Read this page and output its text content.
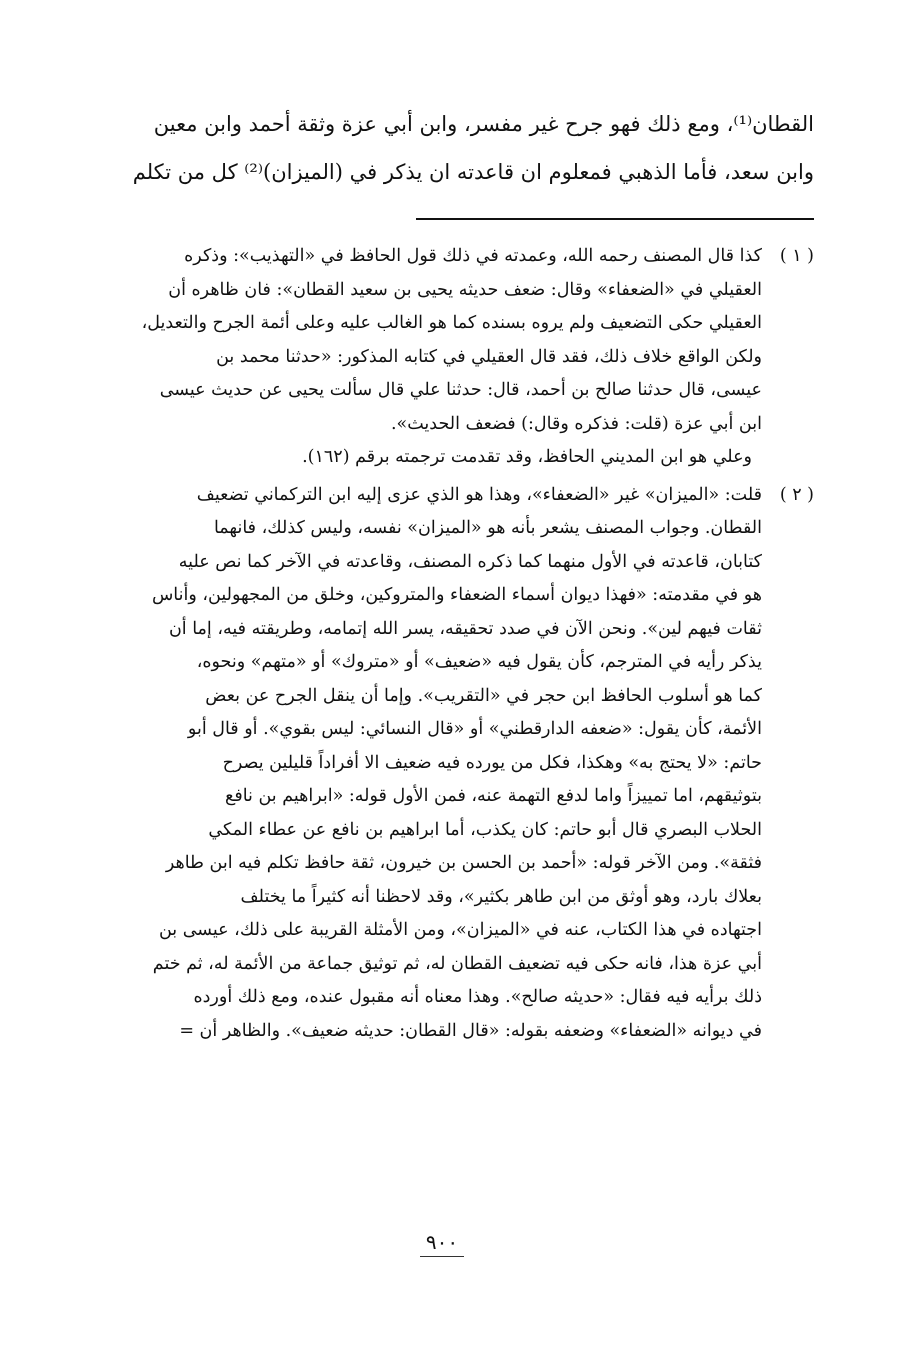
القطان⁽¹⁾، ومع ذلك فهو جرح غير مفسر، وابن أبي عزة وثقة أحمد وابن معين
وابن سعد، فأما الذهبي فمعلوم ان قاعدته ان يذكر في (الميزان)⁽²⁾ كل من تكلم
( ١ )
كذا قال المصنف رحمه الله، وعمدته في ذلك قول الحافظ في «التهذيب»: وذكره
العقيلي في «الضعفاء» وقال: ضعف حديثه يحيى بن سعيد القطان»: فان ظاهره أن
العقيلي حكى التضعيف ولم يروه بسنده كما هو الغالب عليه وعلى أئمة الجرح والتعديل،
ولكن الواقع خلاف ذلك، فقد قال العقيلي في كتابه المذكور: «حدثنا محمد بن
عيسى، قال حدثنا صالح بن أحمد، قال: حدثنا علي قال سألت يحيى عن حديث عيسى
ابن أبي عزة (قلت: فذكره وقال:) فضعف الحديث».
وعلي هو ابن المديني الحافظ، وقد تقدمت ترجمته برقم (١٦٢).
( ٢ )
قلت: «الميزان» غير «الضعفاء»، وهذا هو الذي عزى إليه ابن التركماني تضعيف
القطان. وجواب المصنف يشعر بأنه هو «الميزان» نفسه، وليس كذلك، فانهما
كتابان، قاعدته في الأول منهما كما ذكره المصنف، وقاعدته في الآخر كما نص عليه
هو في مقدمته: «فهذا ديوان أسماء الضعفاء والمتروكين، وخلق من المجهولين، وأناس
ثقات فيهم لين». ونحن الآن في صدد تحقيقه، يسر الله إتمامه، وطريقته فيه، إما أن
يذكر رأيه في المترجم، كأن يقول فيه «ضعيف» أو «متروك» أو «متهم» ونحوه،
كما هو أسلوب الحافظ ابن حجر في «التقريب». وإما أن ينقل الجرح عن بعض
الأئمة، كأن يقول: «ضعفه الدارقطني» أو «قال النسائي: ليس بقوي». أو قال أبو
حاتم: «لا يحتج به» وهكذا، فكل من يورده فيه ضعيف الا أفراداً قليلين يصرح
بتوثيقهم، اما تمييزاً واما لدفع التهمة عنه، فمن الأول قوله: «ابراهيم بن نافع
الحلاب البصري قال أبو حاتم: كان يكذب، أما ابراهيم بن نافع عن عطاء المكي
فثقة». ومن الآخر قوله: «أحمد بن الحسن بن خيرون، ثقة حافظ تكلم فيه ابن طاهر
بعلاك بارد، وهو أوثق من ابن طاهر بكثير»، وقد لاحظنا أنه كثيراً ما يختلف
اجتهاده في هذا الكتاب، عنه في «الميزان»، ومن الأمثلة القريبة على ذلك، عيسى بن
أبي عزة هذا، فانه حكى فيه تضعيف القطان له، ثم توثيق جماعة من الأئمة له، ثم ختم
ذلك برأيه فيه فقال: «حديثه صالح». وهذا معناه أنه مقبول عنده، ومع ذلك أورده
في ديوانه «الضعفاء» وضعفه بقوله: «قال القطان: حديثه ضعيف». والظاهر أن =
٩٠٠
